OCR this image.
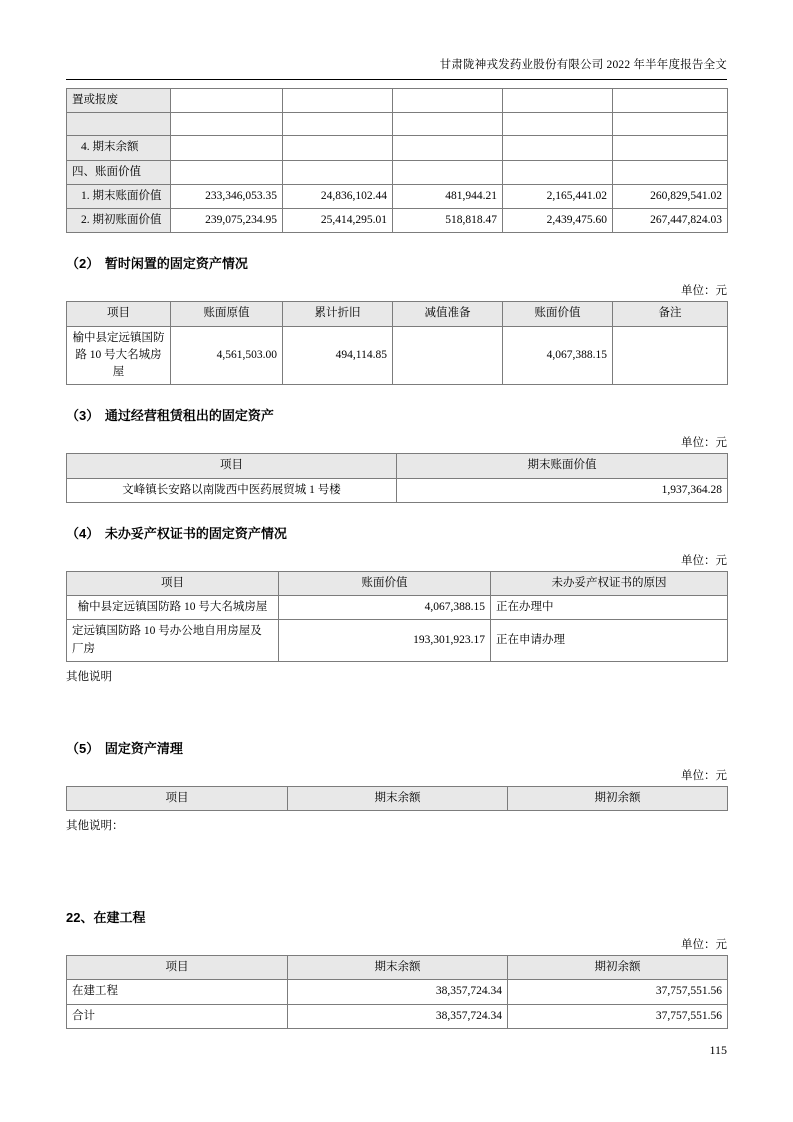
甘肃陇神戎发药业股份有限公司 2022 年半年度报告全文
置或报废					

4. 期末余额					
四、账面价值					
1. 期末账面价值	233,346,053.35	24,836,102.44	481,944.21	2,165,441.02	260,829,541.02
2. 期初账面价值	239,075,234.95	25,414,295.01	518,818.47	2,439,475.60	267,447,824.03
（2） 暂时闲置的固定资产情况
单位：元
项目	账面原值	累计折旧	减值准备	账面价值	备注
榆中县定远镇国防路 10 号大名城房屋	4,561,503.00	494,114.85		4,067,388.15	
（3） 通过经营租赁租出的固定资产
单位：元
项目	期末账面价值
文峰镇长安路以南陇西中医药展贸城 1 号楼	1,937,364.28
（4） 未办妥产权证书的固定资产情况
单位：元
项目	账面价值	未办妥产权证书的原因
榆中县定远镇国防路 10 号大名城房屋	4,067,388.15	正在办理中
定远镇国防路 10 号办公地自用房屋及厂房	193,301,923.17	正在申请办理
其他说明
（5） 固定资产清理
单位：元
项目	期末余额	期初余额
其他说明：
22、在建工程
单位：元
项目	期末余额	期初余额
在建工程	38,357,724.34	37,757,551.56
合计	38,357,724.34	37,757,551.56
115
